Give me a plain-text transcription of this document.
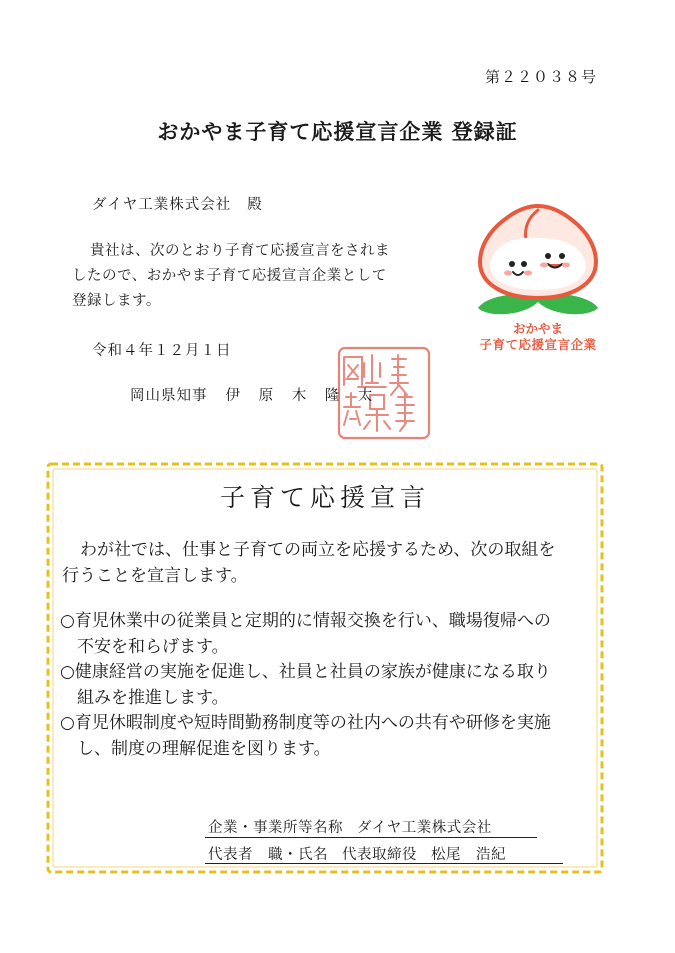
第２２０３８号
おかやま子育て応援宣言企業 登録証
ダイヤ工業株式会社 殿
貴社は、次のとおり子育て応援宣言をされま
したので、おかやま子育て応援宣言企業として
登録します。
令和４年１２月１日
岡山県知事 伊 原 木 隆 太
おかやま
子育て応援宣言企業
子育て応援宣言
わが社では、仕事と子育ての両立を応援するため、次の取組を
行うことを宣言します。
○育児休業中の従業員と定期的に情報交換を行い、職場復帰への
不安を和らげます。
○健康経営の実施を促進し、社員と社員の家族が健康になる取り
組みを推進します。
○育児休暇制度や短時間勤務制度等の社内への共有や研修を実施
し、制度の理解促進を図ります。
企業・事業所等名称 ダイヤ工業株式会社
代表者　職・氏名 代表取締役 松尾　浩紀
